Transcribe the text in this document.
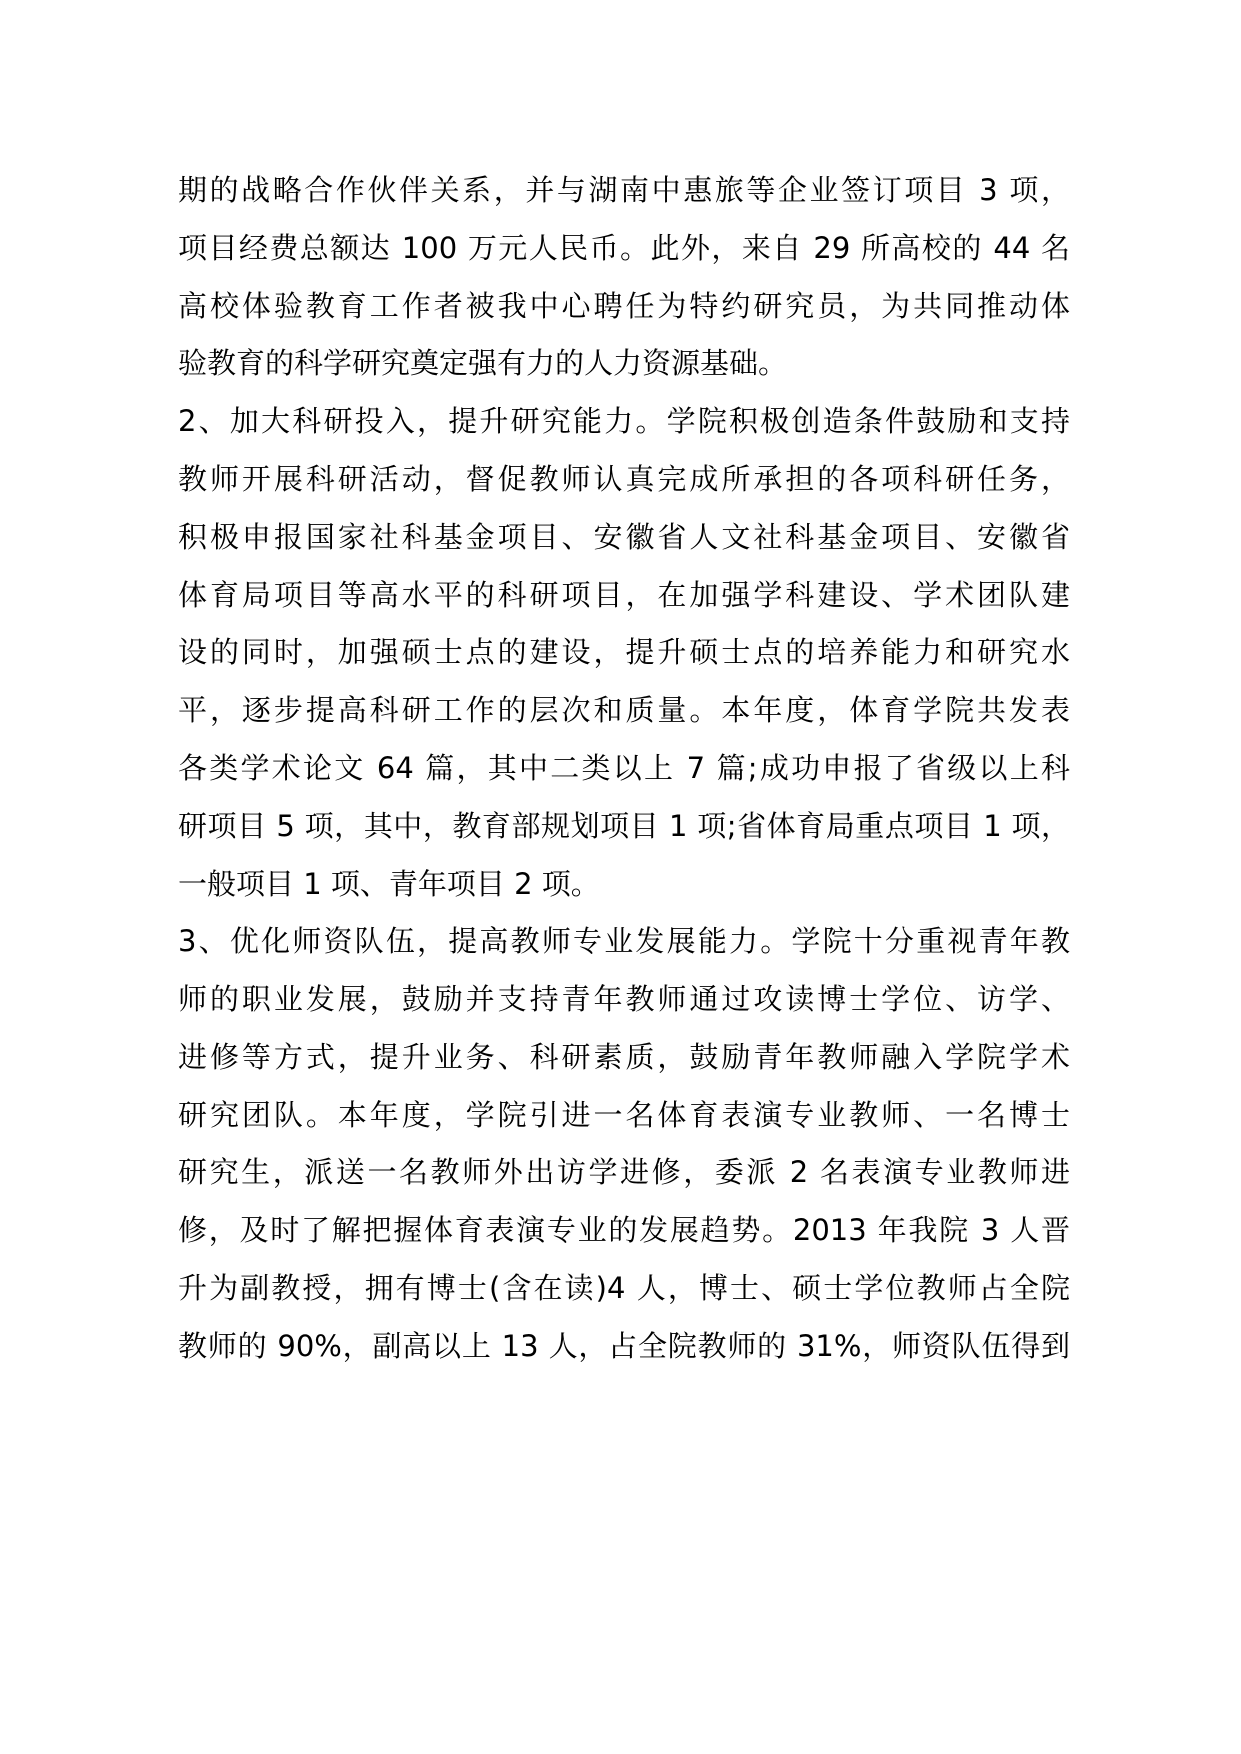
期的战略合作伙伴关系，并与湖南中惠旅等企业签订项目 3 项，
项目经费总额达 100 万元人民币。此外，来自 29 所高校的 44 名
高校体验教育工作者被我中心聘任为特约研究员，为共同推动体
验教育的科学研究奠定强有力的人力资源基础。
2、加大科研投入，提升研究能力。学院积极创造条件鼓励和支持
教师开展科研活动，督促教师认真完成所承担的各项科研任务，
积极申报国家社科基金项目、安徽省人文社科基金项目、安徽省
体育局项目等高水平的科研项目，在加强学科建设、学术团队建
设的同时，加强硕士点的建设，提升硕士点的培养能力和研究水
平，逐步提高科研工作的层次和质量。本年度，体育学院共发表
各类学术论文 64 篇，其中二类以上 7 篇;成功申报了省级以上科
研项目 5 项，其中，教育部规划项目 1 项;省体育局重点项目 1 项，
一般项目 1 项、青年项目 2 项。
3、优化师资队伍，提高教师专业发展能力。学院十分重视青年教
师的职业发展，鼓励并支持青年教师通过攻读博士学位、访学、
进修等方式，提升业务、科研素质，鼓励青年教师融入学院学术
研究团队。本年度，学院引进一名体育表演专业教师、一名博士
研究生，派送一名教师外出访学进修，委派 2 名表演专业教师进
修，及时了解把握体育表演专业的发展趋势。2013 年我院 3 人晋
升为副教授，拥有博士(含在读)4 人，博士、硕士学位教师占全院
教师的 90%，副高以上 13 人，占全院教师的 31%，师资队伍得到
